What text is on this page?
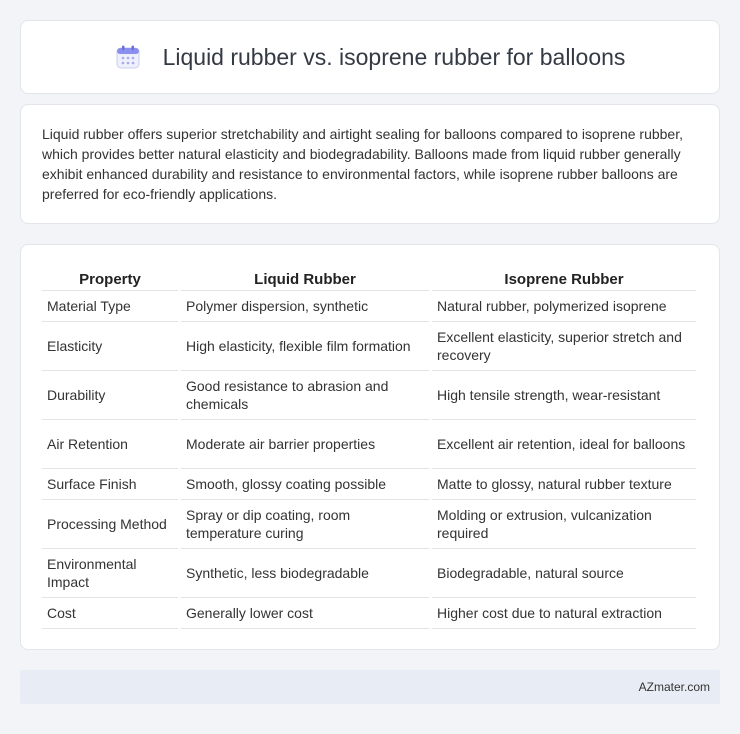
Liquid rubber vs. isoprene rubber for balloons

Liquid rubber offers superior stretchability and airtight sealing for balloons compared to isoprene rubber, which provides better natural elasticity and biodegradability. Balloons made from liquid rubber generally exhibit enhanced durability and resistance to environmental factors, while isoprene rubber balloons are preferred for eco-friendly applications.

Property	Liquid Rubber	Isoprene Rubber
Material Type	Polymer dispersion, synthetic	Natural rubber, polymerized isoprene
Elasticity	High elasticity, flexible film formation	Excellent elasticity, superior stretch and recovery
Durability	Good resistance to abrasion and chemicals	High tensile strength, wear-resistant
Air Retention	Moderate air barrier properties	Excellent air retention, ideal for balloons
Surface Finish	Smooth, glossy coating possible	Matte to glossy, natural rubber texture
Processing Method	Spray or dip coating, room temperature curing	Molding or extrusion, vulcanization required
Environmental Impact	Synthetic, less biodegradable	Biodegradable, natural source
Cost	Generally lower cost	Higher cost due to natural extraction
AZmater.com
